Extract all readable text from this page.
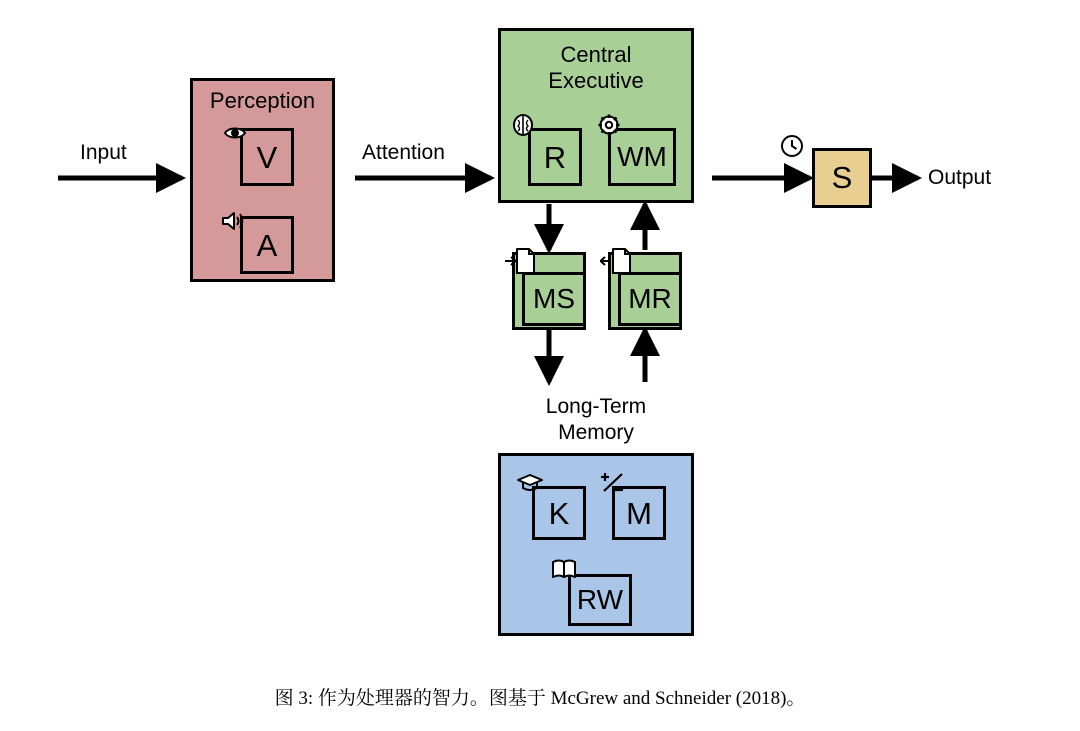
Input
Perception
V
A
Attention
Central
Executive
R WM
MS MR
Long-Term
Memory
K M
RW
S	Output
图 3: 作为处理器的智力。图基于 McGrew and Schneider (2018)。
